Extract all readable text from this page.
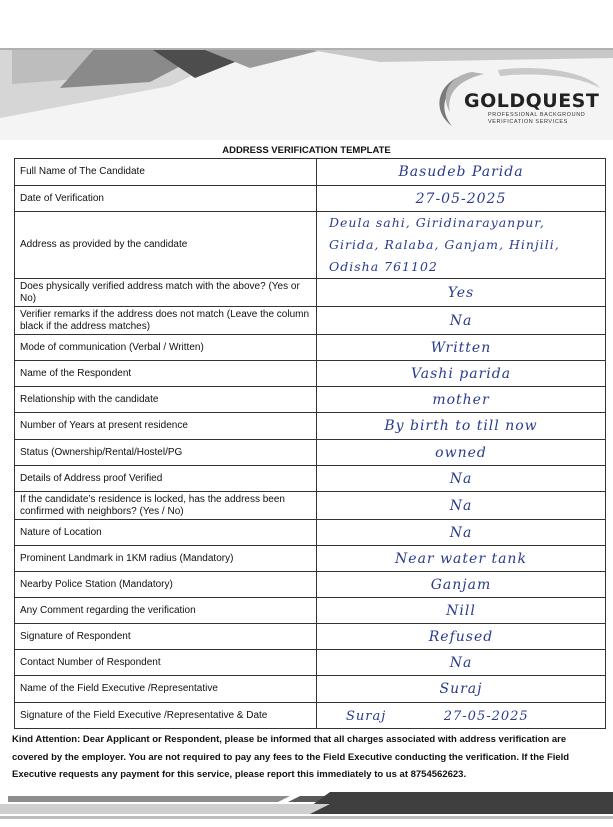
GOLDQUEST
PROFESSIONAL BACKGROUND
VERIFICATION SERVICES
ADDRESS VERIFICATION TEMPLATE
Full Name of The Candidate	Basudeb Parida
Date of Verification	27-05-2025
Address as provided by the candidate	Deula sahi, Giridinarayanpur,
Girida, Ralaba, Ganjam, Hinjili,
Odisha 761102

Does physically verified address match with the above? (Yes or No)	Yes
Verifier remarks if the address does not match (Leave the column black if the address matches)	Na
Mode of communication (Verbal / Written)	Written
Name of the Respondent	Vashi parida
Relationship with the candidate	mother
Number of Years at present residence	By birth to till now
Status (Ownership/Rental/Hostel/PG	owned
Details of Address proof Verified	Na
If the candidate’s residence is locked, has the address been confirmed with neighbors? (Yes / No)	Na
Nature of Location	Na
Prominent Landmark in 1KM radius (Mandatory)	Near water tank
Nearby Police Station (Mandatory)	Ganjam
Any Comment regarding the verification	Nill
Signature of Respondent	Refused
Contact Number of Respondent	Na
Name of the Field Executive /Representative	Suraj
Signature of the Field Executive /Representative & Date	Suraj 27-05-2025
Kind Attention: Dear Applicant or Respondent, please be informed that all charges associated with address verification are covered by the employer. You are not required to pay any fees to the Field Executive conducting the verification. If the Field Executive requests any payment for this service, please report this immediately to us at 8754562623.
